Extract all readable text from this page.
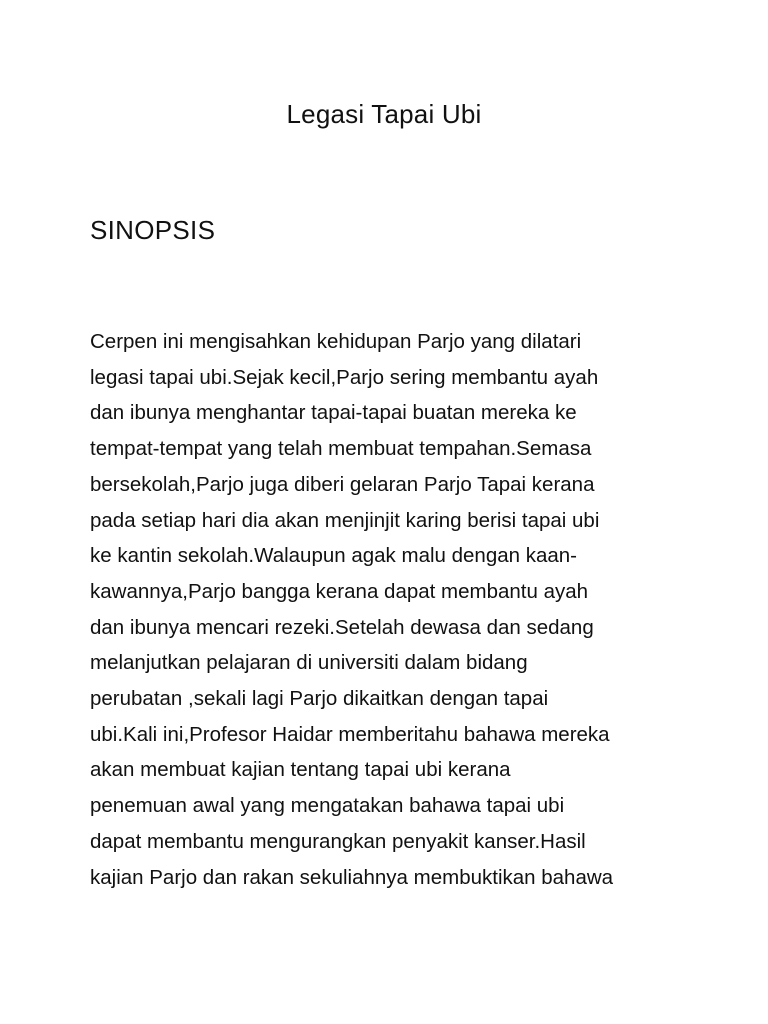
Legasi Tapai Ubi
SINOPSIS
Cerpen ini mengisahkan kehidupan Parjo yang dilatari
legasi tapai ubi.Sejak kecil,Parjo sering membantu ayah
dan ibunya menghantar tapai-tapai buatan mereka ke
tempat-tempat yang telah membuat tempahan.Semasa
bersekolah,Parjo juga diberi gelaran Parjo Tapai kerana
pada setiap hari dia akan menjinjit karing berisi tapai ubi
ke kantin sekolah.Walaupun agak malu dengan kaan-
kawannya,Parjo bangga kerana dapat membantu ayah
dan ibunya mencari rezeki.Setelah dewasa dan sedang
melanjutkan pelajaran di universiti dalam bidang
perubatan ,sekali lagi Parjo dikaitkan dengan tapai
ubi.Kali ini,Profesor Haidar memberitahu bahawa mereka
akan membuat kajian tentang tapai ubi kerana
penemuan awal yang mengatakan bahawa tapai ubi
dapat membantu mengurangkan penyakit kanser.Hasil
kajian Parjo dan rakan sekuliahnya membuktikan bahawa
